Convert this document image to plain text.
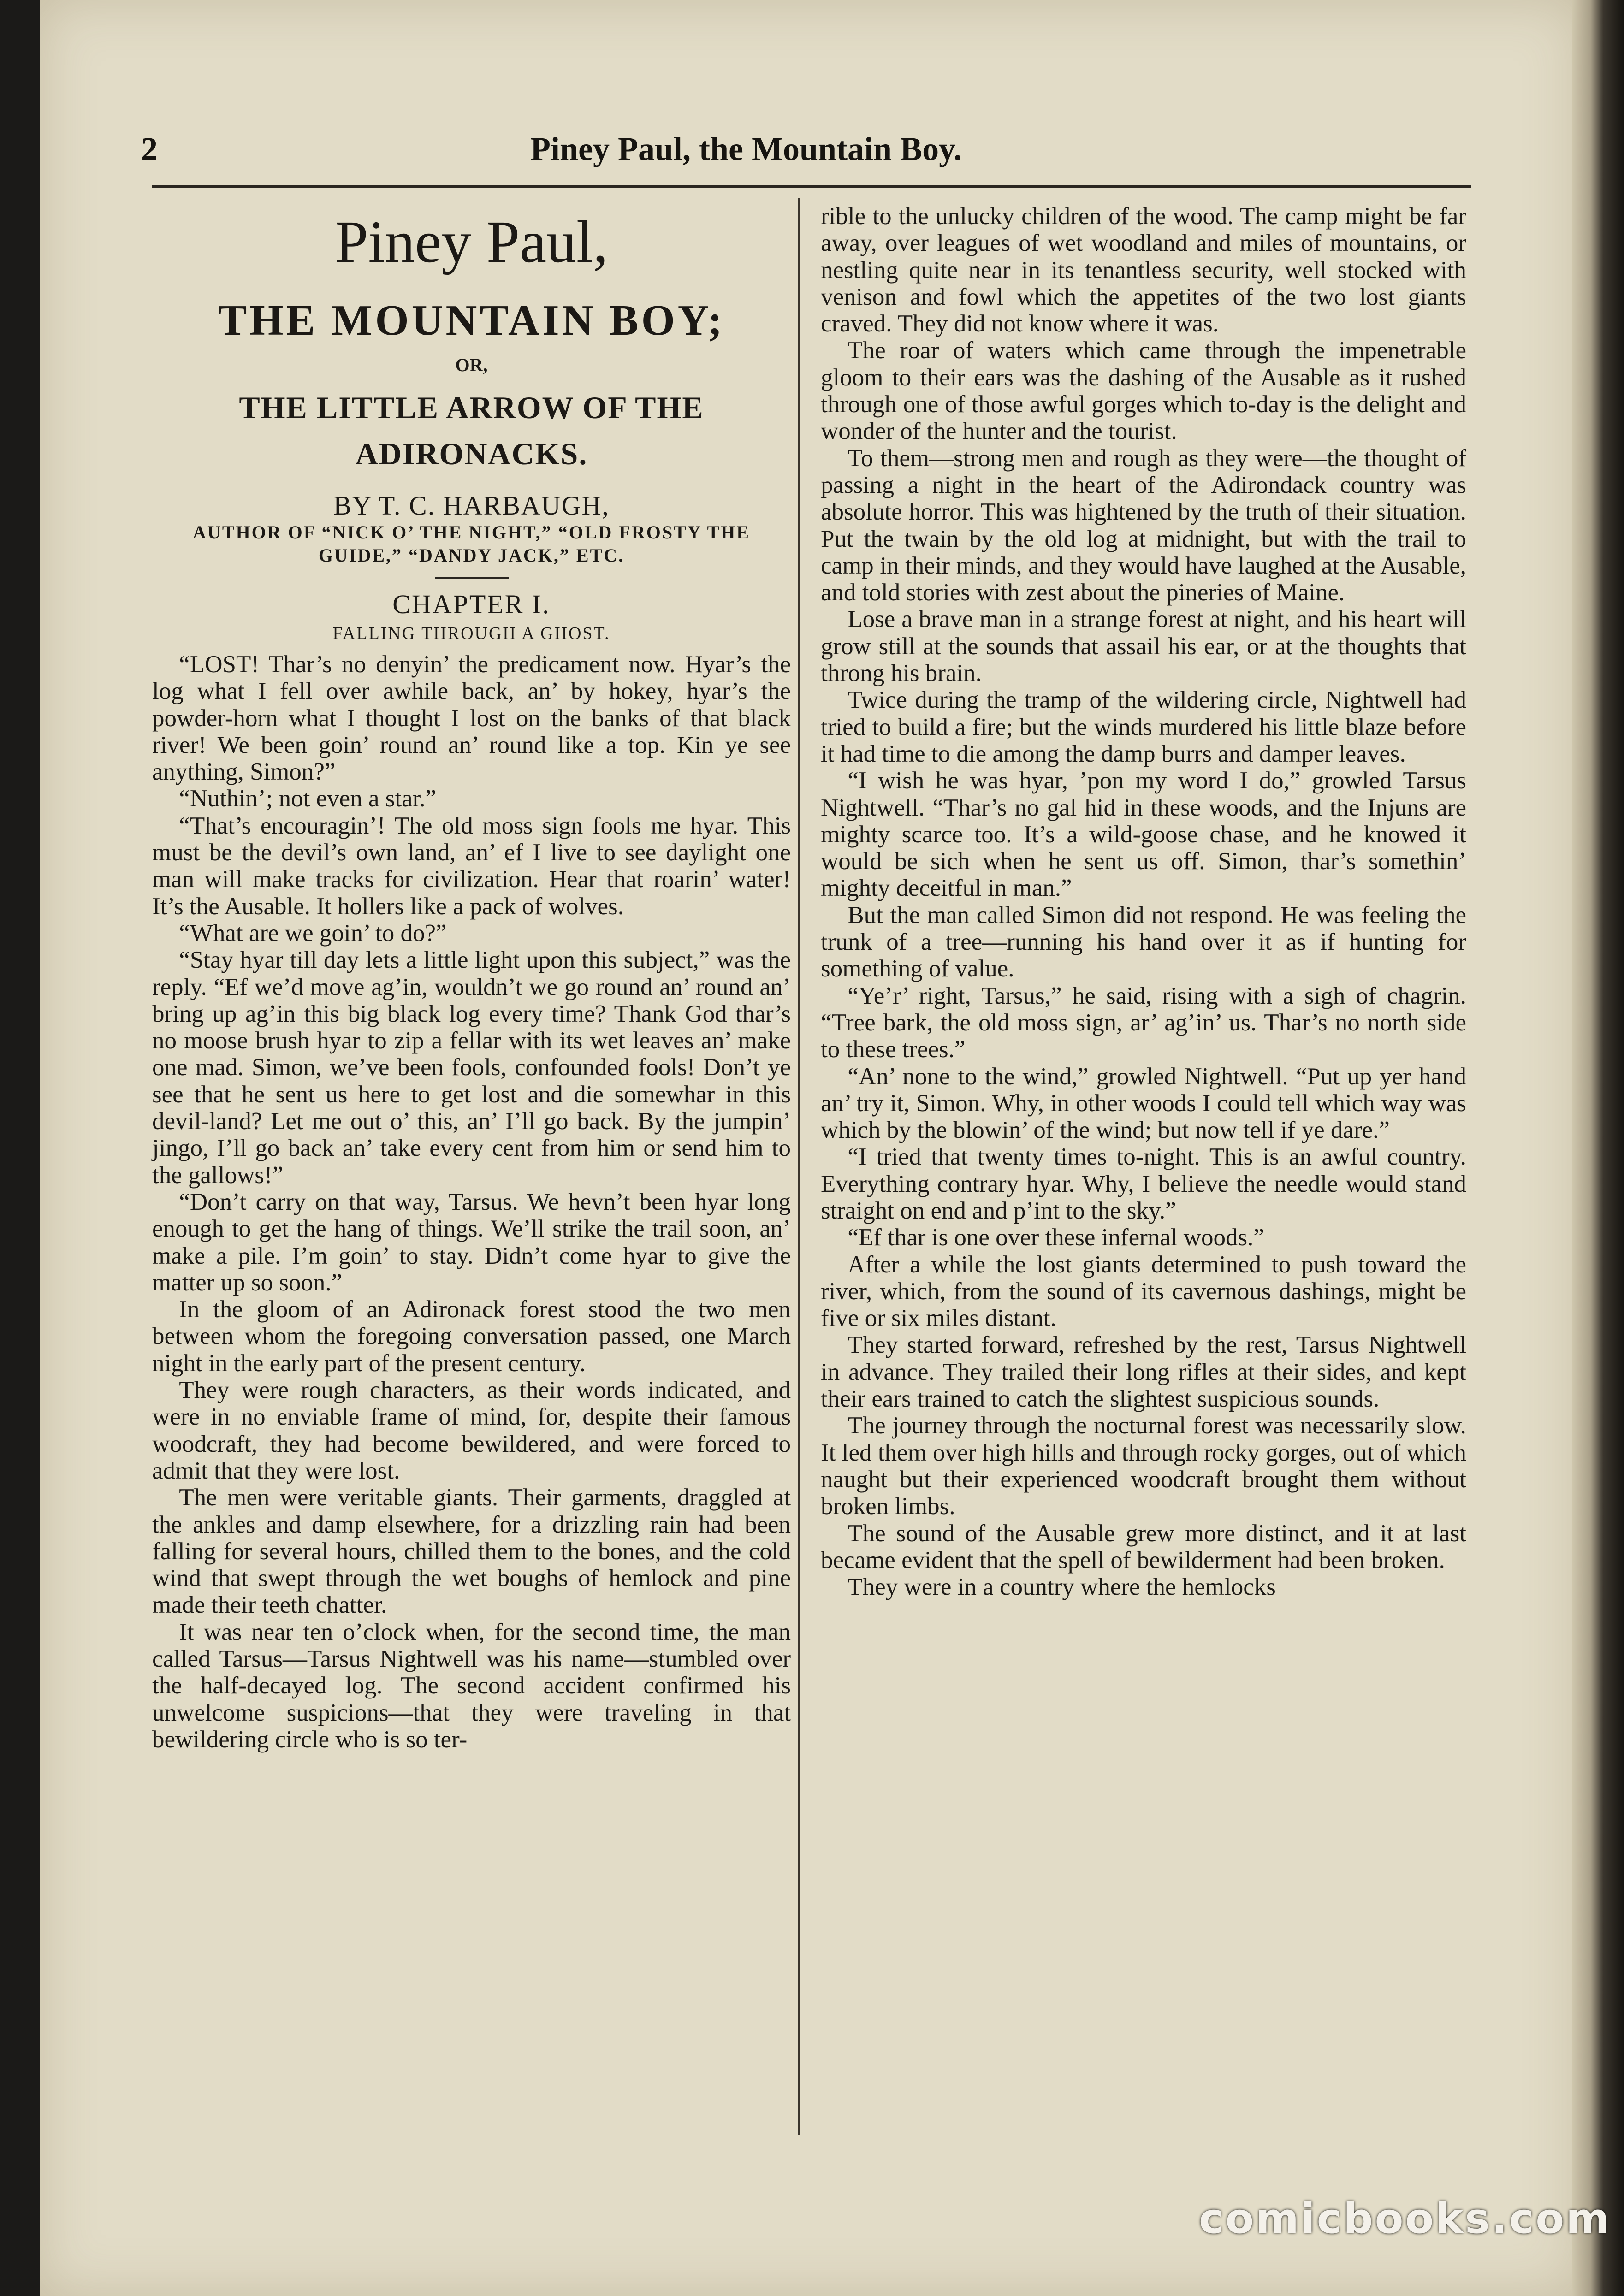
2	Piney Paul, the Mountain Boy.
Piney Paul,
THE MOUNTAIN BOY;
OR,
THE LITTLE ARROW OF THE ADIRONACKS.
BY T. C. HARBAUGH,
AUTHOR OF “NICK O’ THE NIGHT,” “OLD FROSTY THE GUIDE,” “DANDY JACK,” ETC.
CHAPTER I.
FALLING THROUGH A GHOST.

“LOST! Thar’s no denyin’ the predicament now. Hyar’s the log what I fell over awhile back, an’ by hokey, hyar’s the powder-horn what I thought I lost on the banks of that black river! We been goin’ round an’ round like a top. Kin ye see anything, Simon?”

“Nuthin’; not even a star.”

“That’s encouragin’! The old moss sign fools me hyar. This must be the devil’s own land, an’ ef I live to see daylight one man will make tracks for civilization. Hear that roarin’ water! It’s the Ausable. It hollers like a pack of wolves.

“What are we goin’ to do?”

“Stay hyar till day lets a little light upon this subject,” was the reply. “Ef we’d move ag’in, wouldn’t we go round an’ round an’ bring up ag’in this big black log every time? Thank God thar’s no moose brush hyar to zip a fellar with its wet leaves an’ make one mad. Simon, we’ve been fools, confounded fools! Don’t ye see that he sent us here to get lost and die somewhar in this devil-land? Let me out o’ this, an’ I’ll go back. By the jumpin’ jingo, I’ll go back an’ take every cent from him or send him to the gallows!”

“Don’t carry on that way, Tarsus. We hevn’t been hyar long enough to get the hang of things. We’ll strike the trail soon, an’ make a pile. I’m goin’ to stay. Didn’t come hyar to give the matter up so soon.”

In the gloom of an Adironack forest stood the two men between whom the foregoing conversation passed, one March night in the early part of the present century.

They were rough characters, as their words indicated, and were in no enviable frame of mind, for, despite their famous woodcraft, they had become bewildered, and were forced to admit that they were lost.

The men were veritable giants. Their garments, draggled at the ankles and damp elsewhere, for a drizzling rain had been falling for several hours, chilled them to the bones, and the cold wind that swept through the wet boughs of hemlock and pine made their teeth chatter.

It was near ten o’clock when, for the second time, the man called Tarsus—Tarsus Nightwell was his name—stumbled over the half-decayed log. The second accident confirmed his unwelcome suspicions—that they were traveling in that bewildering circle who is so ter-

rible to the unlucky children of the wood. The camp might be far away, over leagues of wet woodland and miles of mountains, or nestling quite near in its tenantless security, well stocked with venison and fowl which the appetites of the two lost giants craved. They did not know where it was.

The roar of waters which came through the impenetrable gloom to their ears was the dashing of the Ausable as it rushed through one of those awful gorges which to-day is the delight and wonder of the hunter and the tourist.

To them—strong men and rough as they were—the thought of passing a night in the heart of the Adirondack country was absolute horror. This was hightened by the truth of their situation. Put the twain by the old log at midnight, but with the trail to camp in their minds, and they would have laughed at the Ausable, and told stories with zest about the pineries of Maine.

Lose a brave man in a strange forest at night, and his heart will grow still at the sounds that assail his ear, or at the thoughts that throng his brain.

Twice during the tramp of the wildering circle, Nightwell had tried to build a fire; but the winds murdered his little blaze before it had time to die among the damp burrs and damper leaves.

“I wish he was hyar, ’pon my word I do,” growled Tarsus Nightwell. “Thar’s no gal hid in these woods, and the Injuns are mighty scarce too. It’s a wild-goose chase, and he knowed it would be sich when he sent us off. Simon, thar’s somethin’ mighty deceitful in man.”

But the man called Simon did not respond. He was feeling the trunk of a tree—running his hand over it as if hunting for something of value.

“Ye’r’ right, Tarsus,” he said, rising with a sigh of chagrin. “Tree bark, the old moss sign, ar’ ag’in’ us. Thar’s no north side to these trees.”

“An’ none to the wind,” growled Nightwell. “Put up yer hand an’ try it, Simon. Why, in other woods I could tell which way was which by the blowin’ of the wind; but now tell if ye dare.”

“I tried that twenty times to-night. This is an awful country. Everything contrary hyar. Why, I believe the needle would stand straight on end and p’int to the sky.”

“Ef thar is one over these infernal woods.”

After a while the lost giants determined to push toward the river, which, from the sound of its cavernous dashings, might be five or six miles distant.

They started forward, refreshed by the rest, Tarsus Nightwell in advance. They trailed their long rifles at their sides, and kept their ears trained to catch the slightest suspicious sounds.

The journey through the nocturnal forest was necessarily slow. It led them over high hills and through rocky gorges, out of which naught but their experienced woodcraft brought them without broken limbs.

The sound of the Ausable grew more distinct, and it at last became evident that the spell of bewilderment had been broken.

They were in a country where the hemlocks

comicbooks.com
